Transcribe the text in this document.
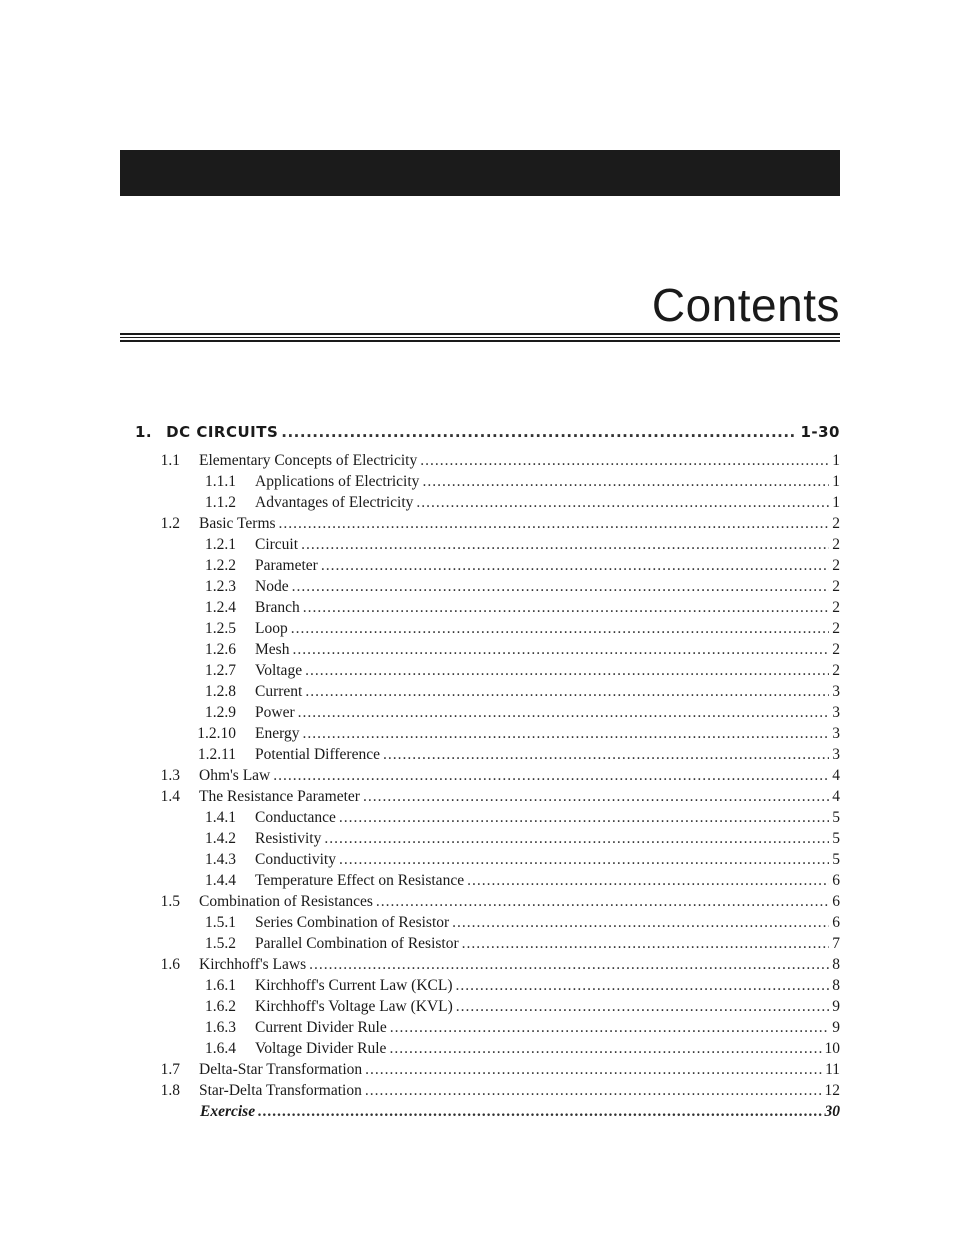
Contents
1. DC CIRCUITS .....	1-30
1.1 Elementary Concepts of Electricity .....	1
1.1.1 Applications of Electricity .....	1
1.1.2 Advantages of Electricity .....	1
1.2 Basic Terms .....	2
1.2.1 Circuit .....	2
1.2.2 Parameter .....	2
1.2.3 Node .....	2
1.2.4 Branch .....	2
1.2.5 Loop .....	2
1.2.6 Mesh .....	2
1.2.7 Voltage .....	2
1.2.8 Current .....	3
1.2.9 Power .....	3
1.2.10 Energy .....	3
1.2.11 Potential Difference .....	3
1.3 Ohm's Law .....	4
1.4 The Resistance Parameter .....	4
1.4.1 Conductance .....	5
1.4.2 Resistivity .....	5
1.4.3 Conductivity .....	5
1.4.4 Temperature Effect on Resistance .....	6
1.5 Combination of Resistances .....	6
1.5.1 Series Combination of Resistor .....	6
1.5.2 Parallel Combination of Resistor .....	7
1.6 Kirchhoff's Laws .....	8
1.6.1 Kirchhoff's Current Law (KCL) .....	8
1.6.2 Kirchhoff's Voltage Law (KVL) .....	9
1.6.3 Current Divider Rule .....	9
1.6.4 Voltage Divider Rule .....	10
1.7 Delta-Star Transformation .....	11
1.8 Star-Delta Transformation .....	12
Exercise .....	30
